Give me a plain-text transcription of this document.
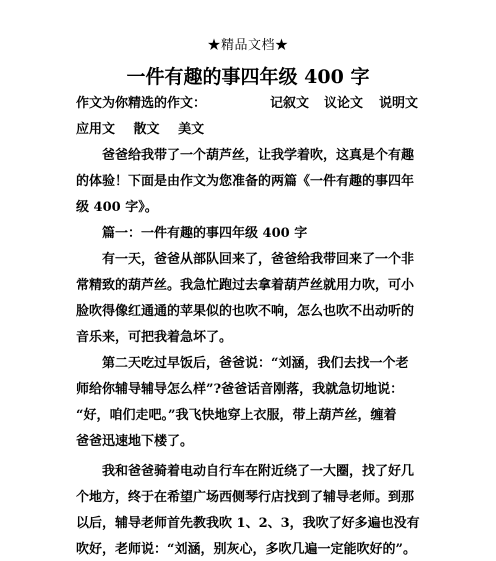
★精品文档★
一件有趣的事四年级 400 字
作文为你精选的作文：	记叙文 议论文 说明文
应用文 散文 美文
　　爸爸给我带了一个葫芦丝，让我学着吹，这真是个有趣
的体验！下面是由作文为您准备的两篇《一件有趣的事四年
级 400 字》。
　　篇一：一件有趣的事四年级 400 字
　　有一天，爸爸从部队回来了，爸爸给我带回来了一个非
常精致的葫芦丝。我急忙跑过去拿着葫芦丝就用力吹，可小
脸吹得像红通通的苹果似的也吹不响，怎么也吹不出动听的
音乐来，可把我着急坏了。
　　第二天吃过早饭后，爸爸说：“刘涵，我们去找一个老
师给你辅导辅导怎么样”?爸爸话音刚落，我就急切地说：
“好，咱们走吧。”我飞快地穿上衣服，带上葫芦丝，缠着
爸爸迅速地下楼了。
　　我和爸爸骑着电动自行车在附近绕了一大圈，找了好几
个地方，终于在希望广场西侧琴行店找到了辅导老师。到那
以后，辅导老师首先教我吹 1、2、3，我吹了好多遍也没有
吹好，老师说：“刘涵，别灰心，多吹几遍一定能吹好的”。
